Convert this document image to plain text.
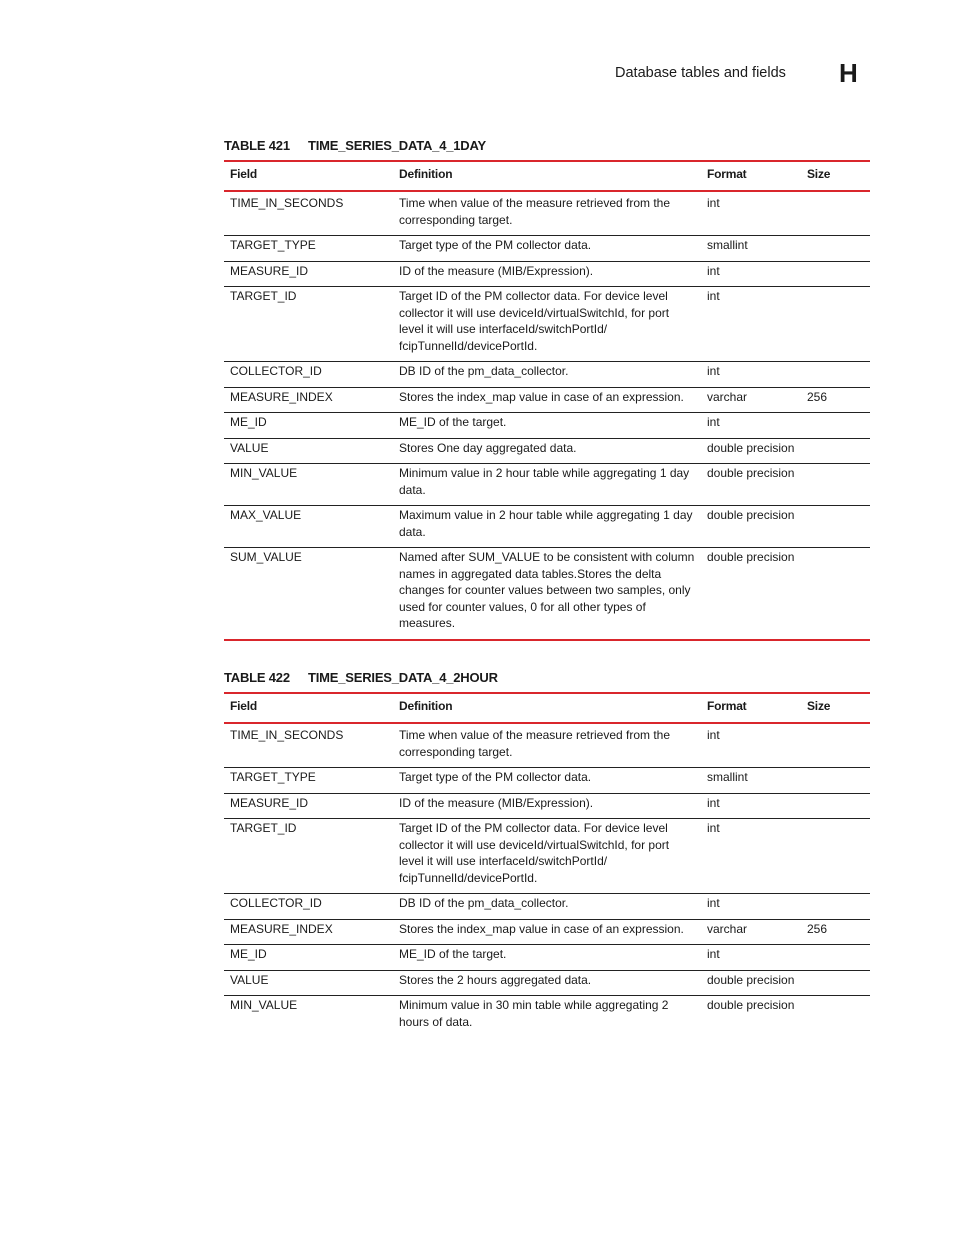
Database tables and fields H
TABLE 421 TIME_SERIES_DATA_4_1DAY
Field	Definition	Format	Size
TIME_IN_SECONDS	Time when value of the measure retrieved from the corresponding target.	int	
TARGET_TYPE	Target type of the PM collector data.	smallint	
MEASURE_ID	ID of the measure (MIB/Expression).	int	
TARGET_ID	Target ID of the PM collector data. For device level collector it will use deviceId/virtualSwitchId, for port level it will use interfaceId/switchPortId/ fcipTunnelId/devicePortId.	int	
COLLECTOR_ID	DB ID of the pm_data_collector.	int	
MEASURE_INDEX	Stores the index_map value in case of an expression.	varchar	256
ME_ID	ME_ID of the target.	int	
VALUE	Stores One day aggregated data.	double precision	
MIN_VALUE	Minimum value in 2 hour table while aggregating 1 day data.	double precision	
MAX_VALUE	Maximum value in 2 hour table while aggregating 1 day data.	double precision	
SUM_VALUE	Named after SUM_VALUE to be consistent with column names in aggregated data tables.Stores the delta changes for counter values between two samples, only used for counter values, 0 for all other types of measures.	double precision	
TABLE 422 TIME_SERIES_DATA_4_2HOUR
Field	Definition	Format	Size
TIME_IN_SECONDS	Time when value of the measure retrieved from the corresponding target.	int	
TARGET_TYPE	Target type of the PM collector data.	smallint	
MEASURE_ID	ID of the measure (MIB/Expression).	int	
TARGET_ID	Target ID of the PM collector data. For device level collector it will use deviceId/virtualSwitchId, for port level it will use interfaceId/switchPortId/ fcipTunnelId/devicePortId.	int	
COLLECTOR_ID	DB ID of the pm_data_collector.	int	
MEASURE_INDEX	Stores the index_map value in case of an expression.	varchar	256
ME_ID	ME_ID of the target.	int	
VALUE	Stores the 2 hours aggregated data.	double precision	
MIN_VALUE	Minimum value in 30 min table while aggregating 2 hours of data.	double precision	
